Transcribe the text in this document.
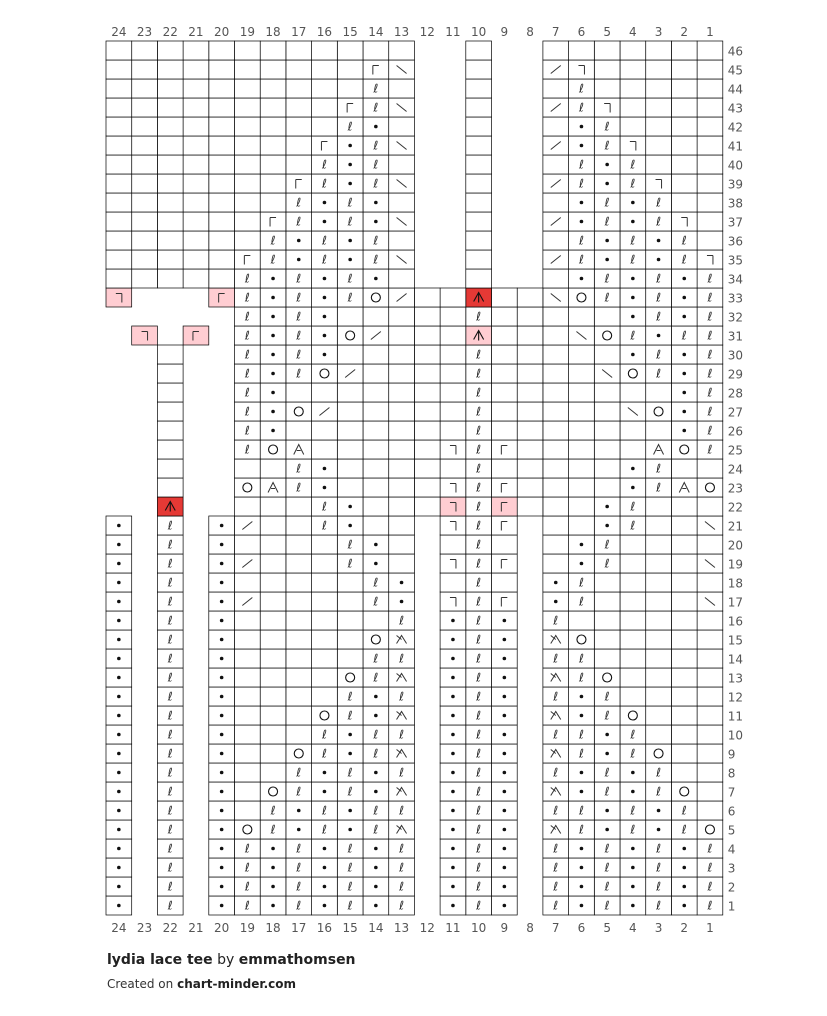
ℓ
ℓ
ℓ
ℓ
ℓ
ℓ
ℓ
ℓ
ℓ
ℓ
ℓ
ℓ
ℓ
ℓ
ℓ
ℓ
ℓ
ℓ
ℓ
ℓ
ℓ
ℓ
ℓ
ℓ
ℓ
ℓ
ℓ
ℓ
ℓ
ℓ
ℓ
ℓ
ℓ
ℓ
ℓ
ℓ
ℓ
ℓ
ℓ
ℓ
ℓ
ℓ
ℓ
ℓ
ℓ
ℓ
ℓ
ℓ
ℓ
ℓ
ℓ
ℓ
ℓ
ℓ
ℓ
ℓ
ℓ
ℓ
ℓ
ℓ
ℓ
ℓ
ℓ
ℓ
ℓ
ℓ
ℓ
ℓ
ℓ
ℓ
ℓ
ℓ
ℓ
ℓ
ℓ
ℓ
ℓ
ℓ
ℓ
ℓ
ℓ
ℓ
ℓ
ℓ
ℓ
ℓ
ℓ
ℓ
ℓ
ℓ
ℓ
ℓ
ℓ
ℓ
ℓ
ℓ
ℓ
ℓ
ℓ
ℓ
ℓ
ℓ
ℓ
ℓ
ℓ
ℓ
ℓ
ℓ
ℓ
ℓ
ℓ
ℓ
ℓ
ℓ
ℓ
ℓ
ℓ
ℓ
ℓ
ℓ
ℓ
ℓ
ℓ
ℓ
ℓ
ℓ
ℓ
ℓ
ℓ
ℓ
ℓ
ℓ
ℓ
ℓ
ℓ
ℓ
ℓ
ℓ
ℓ
ℓ
ℓ
ℓ
ℓ
ℓ
ℓ
ℓ
ℓ
ℓ
ℓ
ℓ
ℓ
ℓ
ℓ
ℓ
ℓ
ℓ
ℓ
ℓ
ℓ
ℓ
ℓ
ℓ
ℓ
ℓ
ℓ
ℓ
ℓ
ℓ
ℓ
ℓ
ℓ
ℓ
ℓ
ℓ
ℓ
ℓ
ℓ
ℓ
ℓ
ℓ
ℓ
ℓ
ℓ
ℓ
ℓ
ℓ
ℓ
ℓ
ℓ
ℓ
ℓ
ℓ
ℓ
ℓ
ℓ
ℓ
ℓ
ℓ
ℓ
ℓ
ℓ
ℓ
ℓ
ℓ
ℓ
ℓ
ℓ
ℓ
ℓ
ℓ
ℓ
ℓ
ℓ
ℓ
ℓ
ℓ
ℓ
ℓ
ℓ
ℓ
ℓ
24
24
23
23
22
22
21
21
20
20
19
19
18
18
17
17
16
16
15
15
14
14
13
13
12
12
11
11
10
10
9
9
8
8
7
7
6
6
5
5
4
4
3
3
2
2
1
1
46
45
44
43
42
41
40
39
38
37
36
35
34
33
32
31
30
29
28
27
26
25
24
23
22
21
20
19
18
17
16
15
14
13
12
11
10
9
8
7
6
5
4
3
2
1
lydia lace tee by emmathomsen
Created on chart-minder.com
